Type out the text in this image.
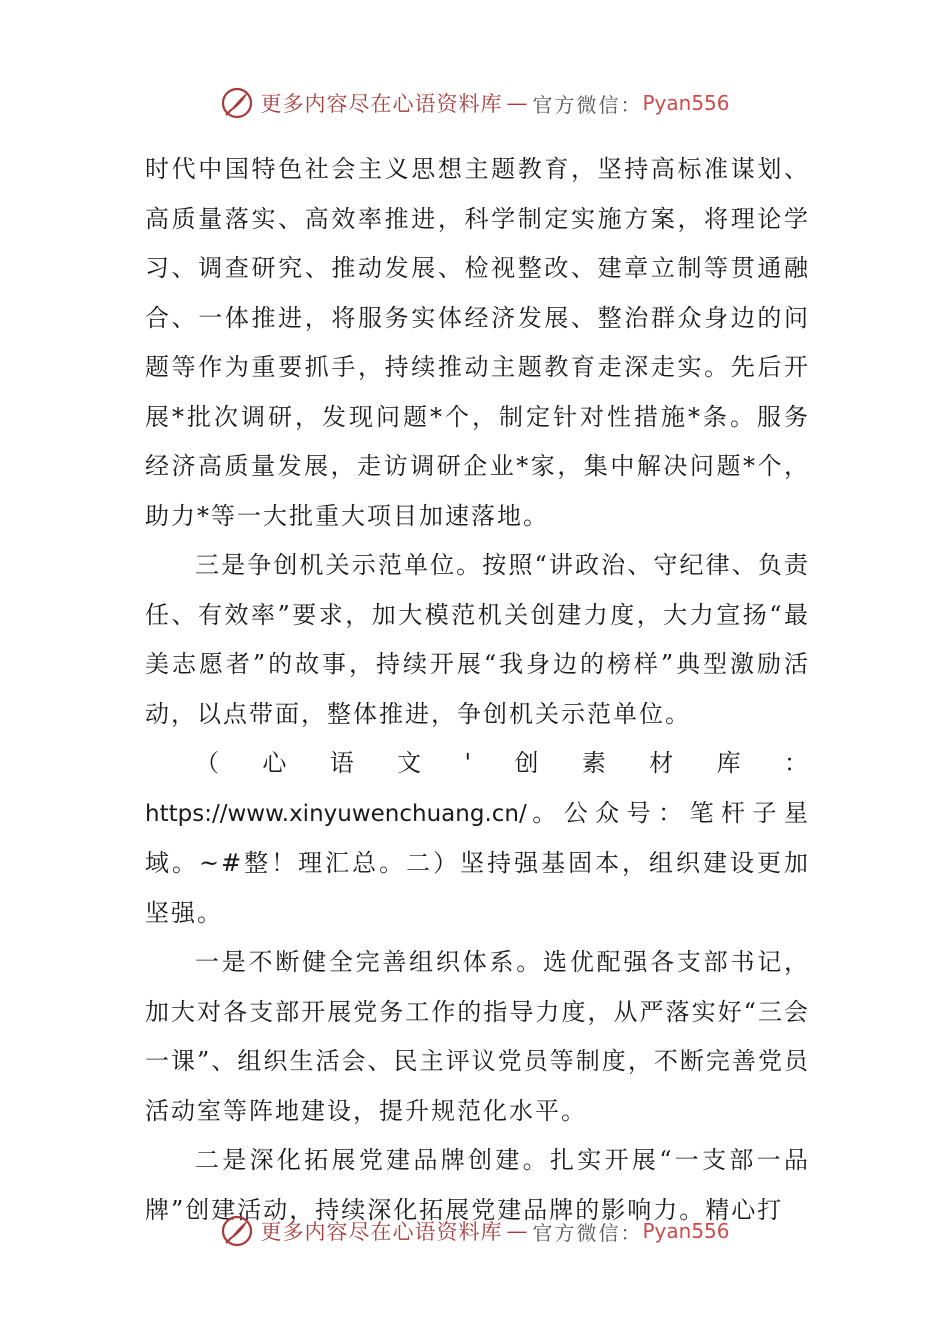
更多内容尽在心语资料库 — 官方微信： Pyan556

时代中国特色社会主义思想主题教育，坚持高标准谋划、高质量落实、高效率推进，科学制定实施方案，将理论学习、调查研究、推动发展、检视整改、建章立制等贯通融合、一体推进，将服务实体经济发展、整治群众身边的问题等作为重要抓手，持续推动主题教育走深走实。先后开展*批次调研，发现问题*个，制定针对性措施*条。服务经济高质量发展，走访调研企业*家，集中解决问题*个，助力*等一大批重大项目加速落地。

三是争创机关示范单位。按照“讲政治、守纪律、负责任、有效率”要求，加大模范机关创建力度，大力宣扬“最美志愿者”的故事，持续开展“我身边的榜样”典型激励活动，以点带面，整体推进，争创机关示范单位。

（心语文'创素材库：https://www.xinyuwenchuang.cn/。公众号：笔杆子星域。~#整！理汇总。二）坚持强基固本，组织建设更加坚强。

一是不断健全完善组织体系。选优配强各支部书记，加大对各支部开展党务工作的指导力度，从严落实好“三会一课”、组织生活会、民主评议党员等制度，不断完善党员活动室等阵地建设，提升规范化水平。

二是深化拓展党建品牌创建。扎实开展“一支部一品牌”创建活动，持续深化拓展党建品牌的影响力。精心打

更多内容尽在心语资料库 — 官方微信： Pyan556
